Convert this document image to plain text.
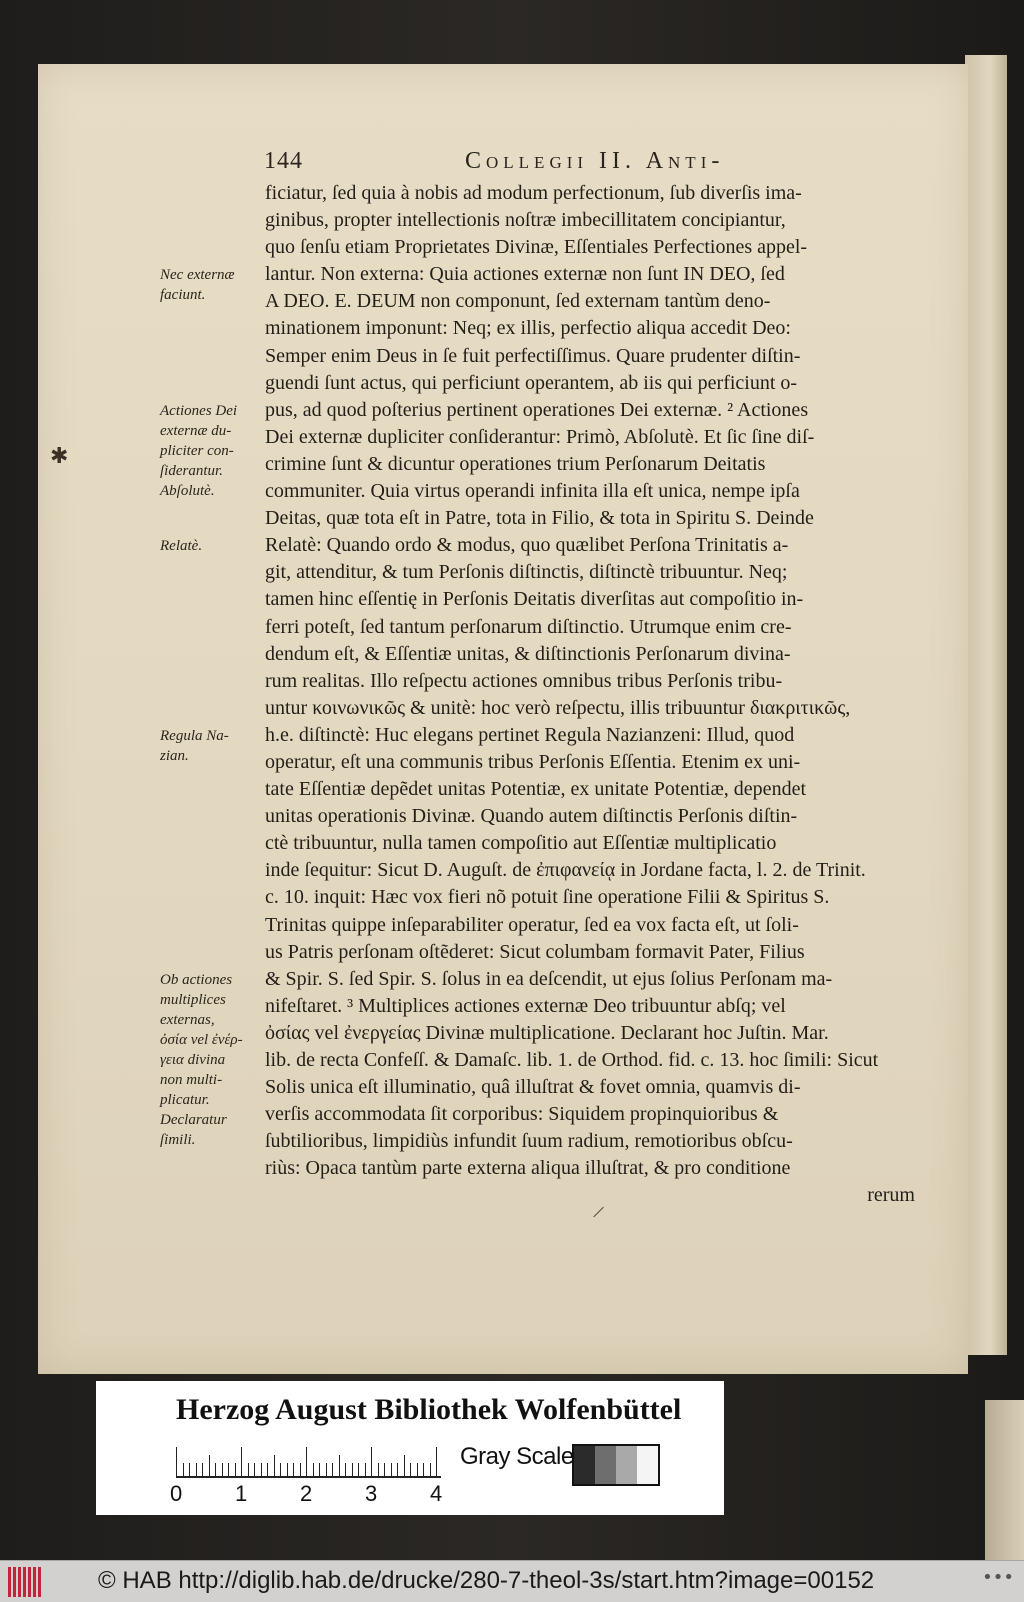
✱
144	Collegii II. Anti-
ficiatur, ſed quia à nobis ad modum perfectionum, ſub diverſis ima-
ginibus, propter intellectionis noſtræ imbecillitatem concipiantur,
quo ſenſu etiam Proprietates Divinæ, Eſſentiales Perfectiones appel-
lantur. Non externa: Quia actiones externæ non ſunt IN DEO, ſed
A DEO. E. DEUM non componunt, ſed externam tantùm deno-
minationem imponunt: Neq; ex illis, perfectio aliqua accedit Deo:
Semper enim Deus in ſe fuit perfectiſſimus. Quare prudenter diſtin-
guendi ſunt actus, qui perficiunt operantem, ab iis qui perficiunt o-
pus, ad quod poſterius pertinent operationes Dei externæ. ² Actiones
Dei externæ dupliciter conſiderantur: Primò, Abſolutè. Et ſic ſine diſ-
crimine ſunt & dicuntur operationes trium Perſonarum Deitatis
communiter. Quia virtus operandi infinita illa eſt unica, nempe ipſa
Deitas, quæ tota eſt in Patre, tota in Filio, & tota in Spiritu S. Deinde
Relatè: Quando ordo & modus, quo quælibet Perſona Trinitatis a-
git, attenditur, & tum Perſonis diſtinctis, diſtinctè tribuuntur. Neq;
tamen hinc eſſentię in Perſonis Deitatis diverſitas aut compoſitio in-
ferri poteſt, ſed tantum perſonarum diſtinctio. Utrumque enim cre-
dendum eſt, & Eſſentiæ unitas, & diſtinctionis Perſonarum divina-
rum realitas. Illo reſpectu actiones omnibus tribus Perſonis tribu-
untur κοινωνικῶς & unitè: hoc verò reſpectu, illis tribuuntur διακριτικῶς,
h.e. diſtinctè: Huc elegans pertinet Regula Nazianzeni: Illud, quod
operatur, eſt una communis tribus Perſonis Eſſentia. Etenim ex uni-
tate Eſſentiæ depẽdet unitas Potentiæ, ex unitate Potentiæ, dependet
unitas operationis Divinæ. Quando autem diſtinctis Perſonis diſtin-
ctè tribuuntur, nulla tamen compoſitio aut Eſſentiæ multiplicatio
inde ſequitur: Sicut D. Auguſt. de ἐπιφανείᾳ in Jordane facta, l. 2. de Trinit.
c. 10. inquit: Hæc vox fieri nõ potuit ſine operatione Filii & Spiritus S.
Trinitas quippe inſeparabiliter operatur, ſed ea vox facta eſt, ut ſoli-
us Patris perſonam oſtẽderet: Sicut columbam formavit Pater, Filius
& Spir. S. ſed Spir. S. ſolus in ea deſcendit, ut ejus ſolius Perſonam ma-
nifeſtaret. ³ Multiplices actiones externæ Deo tribuuntur abſq; vel
ὀσίας vel ἐνεργείας Divinæ multiplicatione. Declarant hoc Juſtin. Mar.
lib. de recta Confeſſ. & Damaſc. lib. 1. de Orthod. fid. c. 13. hoc ſimili: Sicut
Solis unica eſt illuminatio, quâ illuſtrat & fovet omnia, quamvis di-
verſis accommodata ſit corporibus: Siquidem propinquioribus &
ſubtilioribus, limpidiùs infundit ſuum radium, remotioribus obſcu-
riùs: Opaca tantùm parte externa aliqua illuſtrat, & pro conditione
rerum
Nec externæ
faciunt.
Actiones Dei
externæ du-
pliciter con-
ſiderantur.
Abſolutè.
Relatè.
Regula Na-
zian.
Ob actiones
multiplices
externas,
ὀσία vel ἐνέρ-
γεια divina
non multi-
plicatur.
Declaratur
ſimili.
Herzog August Bibliothek Wolfenbüttel
0 1 2 3 4
Gray Scale
© HAB http://diglib.hab.de/drucke/280-7-theol-3s/start.htm?image=00152	•••
